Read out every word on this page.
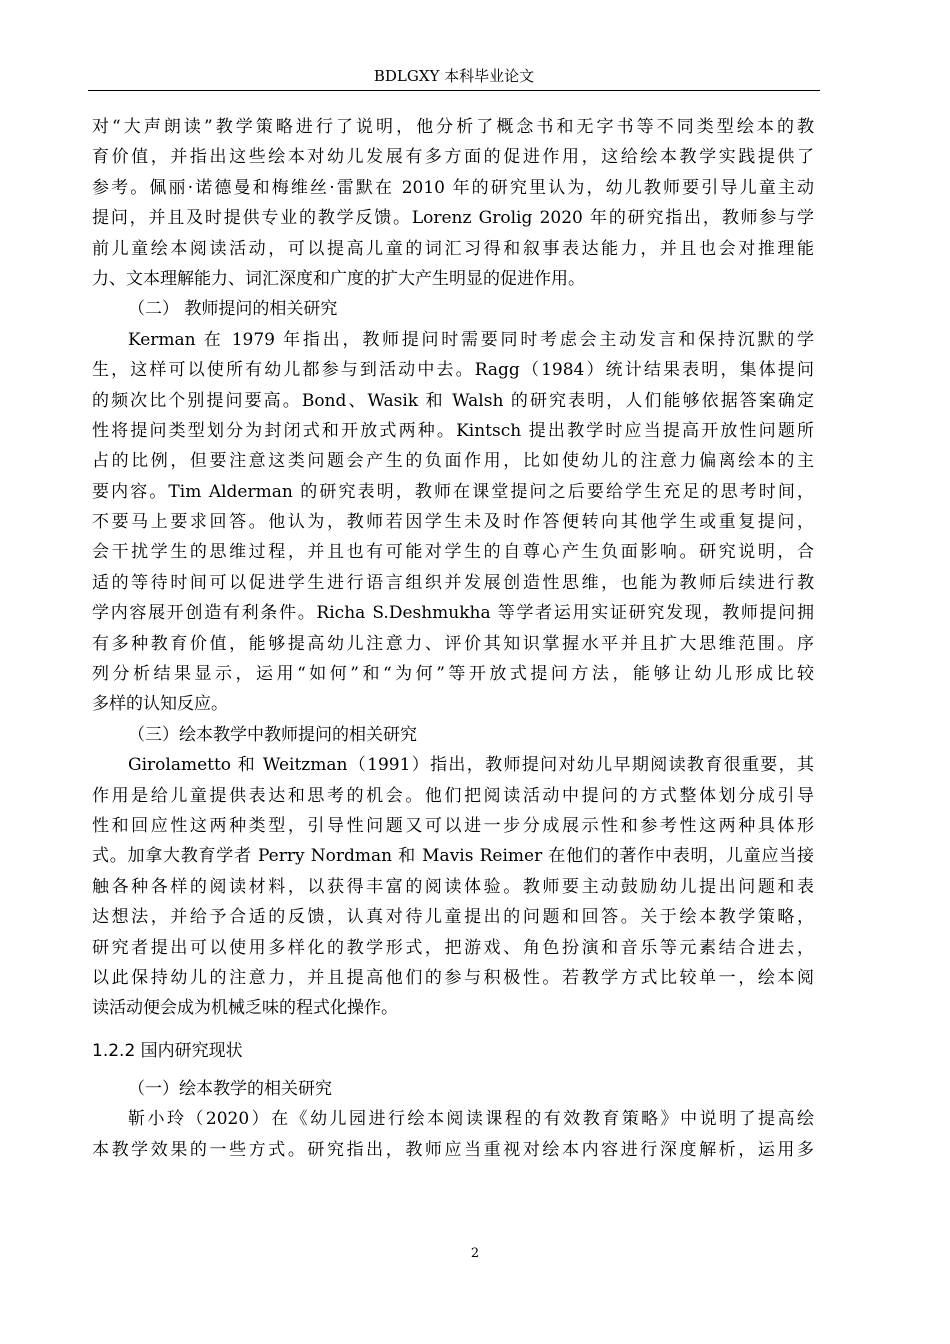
BDLGXY 本科毕业论文
对“大声朗读”教学策略进行了说明，他分析了概念书和无字书等不同类型绘本的教
育价值，并指出这些绘本对幼儿发展有多方面的促进作用，这给绘本教学实践提供了
参考。佩丽·诺德曼和梅维丝·雷默在 2010 年的研究里认为，幼儿教师要引导儿童主动
提问，并且及时提供专业的教学反馈。Lorenz Grolig 2020 年的研究指出，教师参与学
前儿童绘本阅读活动，可以提高儿童的词汇习得和叙事表达能力，并且也会对推理能
力、文本理解能力、词汇深度和广度的扩大产生明显的促进作用。
（二） 教师提问的相关研究
Kerman 在 1979 年指出，教师提问时需要同时考虑会主动发言和保持沉默的学
生，这样可以使所有幼儿都参与到活动中去。Ragg（1984）统计结果表明，集体提问
的频次比个别提问要高。Bond、Wasik 和 Walsh 的研究表明，人们能够依据答案确定
性将提问类型划分为封闭式和开放式两种。Kintsch 提出教学时应当提高开放性问题所
占的比例，但要注意这类问题会产生的负面作用，比如使幼儿的注意力偏离绘本的主
要内容。Tim Alderman 的研究表明，教师在课堂提问之后要给学生充足的思考时间，
不要马上要求回答。他认为，教师若因学生未及时作答便转向其他学生或重复提问，
会干扰学生的思维过程，并且也有可能对学生的自尊心产生负面影响。研究说明，合
适的等待时间可以促进学生进行语言组织并发展创造性思维，也能为教师后续进行教
学内容展开创造有利条件。Richa S.Deshmukha 等学者运用实证研究发现，教师提问拥
有多种教育价值，能够提高幼儿注意力、评价其知识掌握水平并且扩大思维范围。序
列分析结果显示，运用“如何”和“为何”等开放式提问方法，能够让幼儿形成比较
多样的认知反应。
（三）绘本教学中教师提问的相关研究
Girolametto 和 Weitzman（1991）指出，教师提问对幼儿早期阅读教育很重要，其
作用是给儿童提供表达和思考的机会。他们把阅读活动中提问的方式整体划分成引导
性和回应性这两种类型，引导性问题又可以进一步分成展示性和参考性这两种具体形
式。加拿大教育学者 Perry Nordman 和 Mavis Reimer 在他们的著作中表明，儿童应当接
触各种各样的阅读材料，以获得丰富的阅读体验。教师要主动鼓励幼儿提出问题和表
达想法，并给予合适的反馈，认真对待儿童提出的问题和回答。关于绘本教学策略，
研究者提出可以使用多样化的教学形式，把游戏、角色扮演和音乐等元素结合进去，
以此保持幼儿的注意力，并且提高他们的参与积极性。若教学方式比较单一，绘本阅
读活动便会成为机械乏味的程式化操作。
1.2.2 国内研究现状
（一）绘本教学的相关研究
靳小玲（2020）在《幼儿园进行绘本阅读课程的有效教育策略》中说明了提高绘
本教学效果的一些方式。研究指出，教师应当重视对绘本内容进行深度解析，运用多
2
